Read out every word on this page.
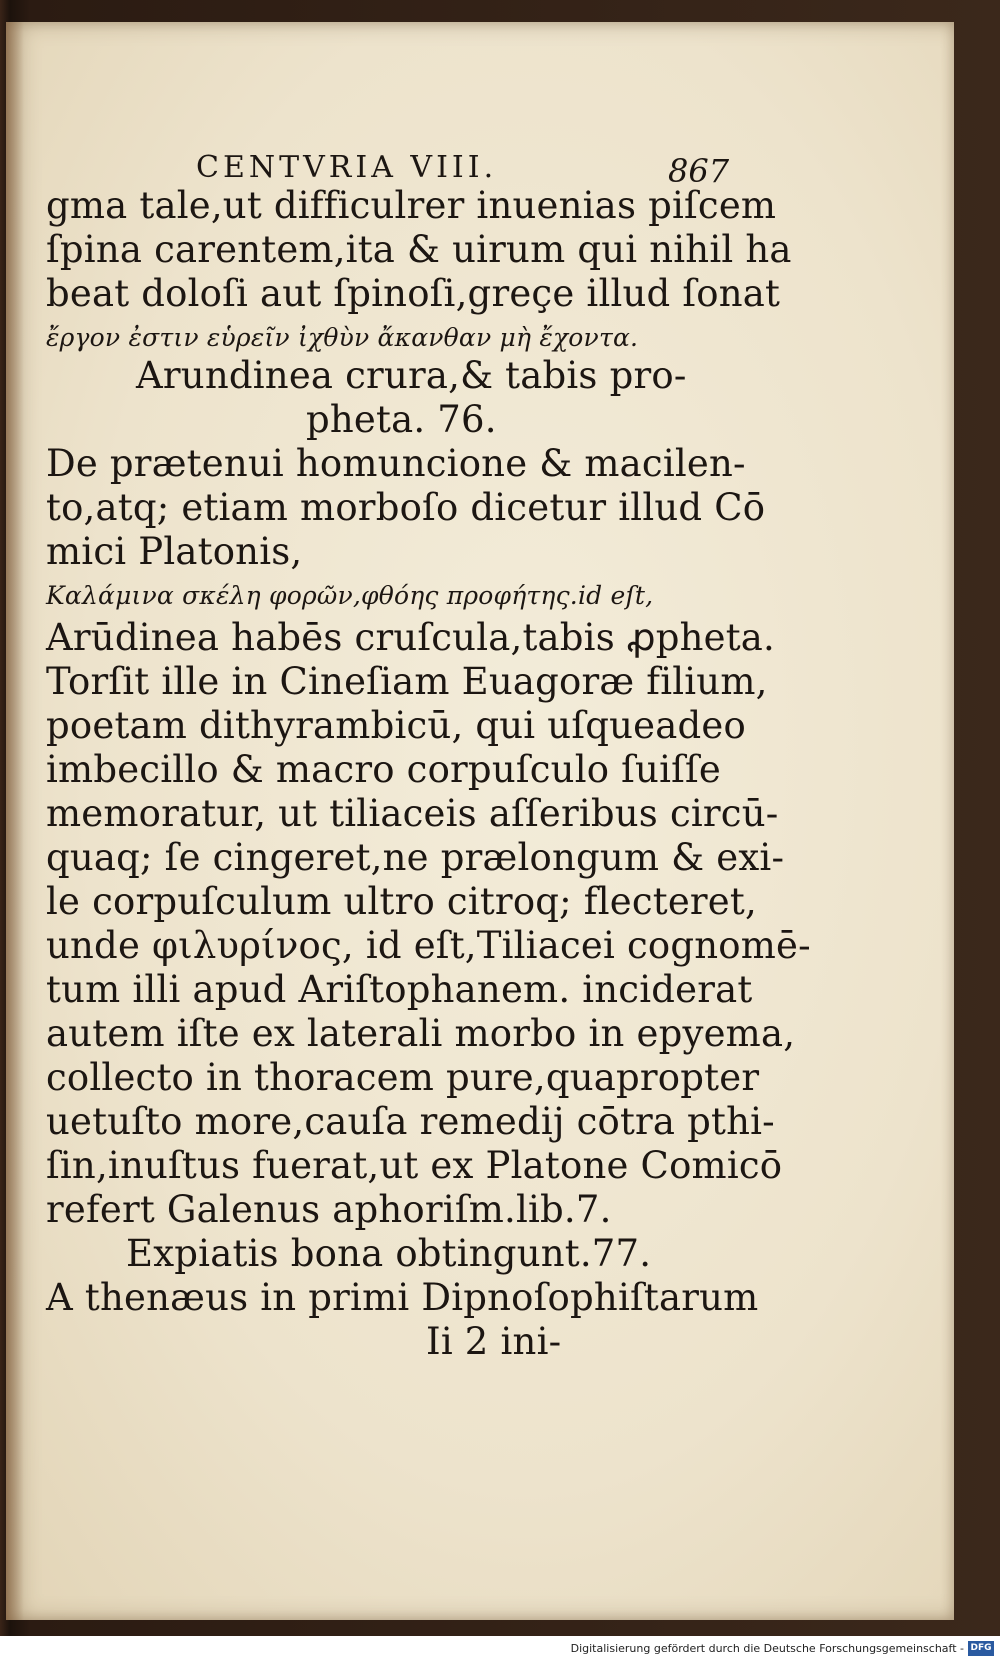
CENTVRIA VIII.	867
gma tale,ut difficulrer inuenias piſcem
ſpina carentem,ita & uirum qui nihil ha
beat doloſi aut ſpinoſi,greçe illud ſonat
ἔργον ἐστιν εὑρεῖν ἰχθὺν ἄκανθαν μὴ ἔχοντα.
Arundinea crura,& tabis pro-
pheta. 76.
De prætenui homuncione & macilen-
to,atq; etiam morboſo dicetur illud Cō
mici Platonis,
Καλάμινα σκέλη φορῶν,φθόης προφήτης.id eſt,
Arūdinea habēs cruſcula,tabis ꝓpheta.
Torſit ille in Cineſiam Euagoræ filium,
poetam dithyrambicū, qui uſqueadeo
imbecillo & macro corpuſculo ſuiſſe
memoratur, ut tiliaceis aſſeribus circū-
quaq; ſe cingeret,ne prælongum & exi-
le corpuſculum ultro citroq; flecteret,
unde φιλυρίνος, id eſt,Tiliacei cognomē-
tum illi apud Ariſtophanem. inciderat
autem iſte ex laterali morbo in epyema,
collecto in thoracem pure,quapropter
uetuſto more,cauſa remedij cōtra pthi-
ſin,inuſtus fuerat,ut ex Platone Comicō
refert Galenus aphoriſm.lib.7.
Expiatis bona obtingunt.77.
A thenæus in primi Dipnoſophiſtarum
Ii 2 ini-
Digitalisierung gefördert durch die Deutsche Forschungsgemeinschaft - DFG
